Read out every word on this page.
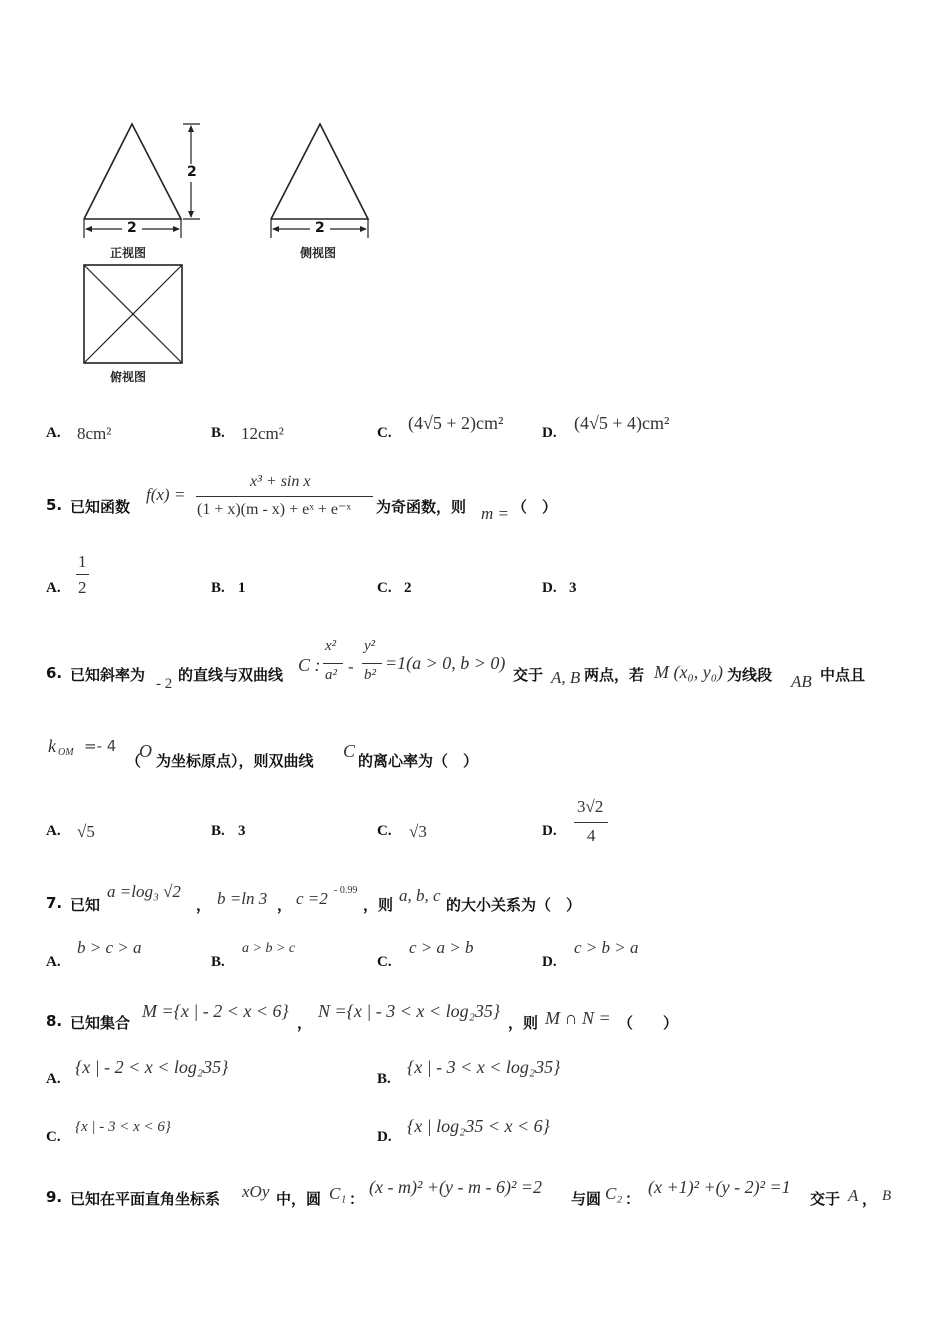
2
2	2
正视图	侧视图
俯视图
A. 8cm²	B. 12cm²	C. (4√5 + 2)cm²	D. (4√5 + 4)cm²
5. 已知函数
f(x) =
x³ + sin x
(1 + x)(m - x) + eˣ + e⁻ˣ 为奇函数，则 m = （　）
A.
1
2	B. 1	C. 2	D. 3
6. 已知斜率为 - 2 的直线与双曲线 C :
x²
a² -
y²
b²
=1(a > 0, b > 0)
交于 A, B 两点，若 M (x₀, y₀) 为线段 AB 中点且
k OM =- 4
（
O 为坐标原点），则双曲线 C 的离心率为（　）
A. √5	B. 3	C. √3	D.
3√2
4
7. 已知
a =log₃ √2
， b =ln 3 ， c =2 - 0.99
，则 a, b, c 的大小关系为（　）
A.
b > c > a
B.
a > b > c
C.
c > a > b
D.
c > b > a
8. 已知集合
M ={x | - 2 < x < 6}
，
N ={x | - 3 < x < log₂35}
，则 M ∩ N = （　　）
A.
{x | - 2 < x < log₂35}
B.
{x | - 3 < x < log₂35}
C.
{x | - 3 < x < 6}
D.
{x | log₂35 < x < 6}
9. 已知在平面直角坐标系 xOy 中，圆 C₁ ：
(x - m)² +(y - m - 6)² =2
与圆 C₂ ：
(x +1)² +(y - 2)² =1
交于 A ， B
